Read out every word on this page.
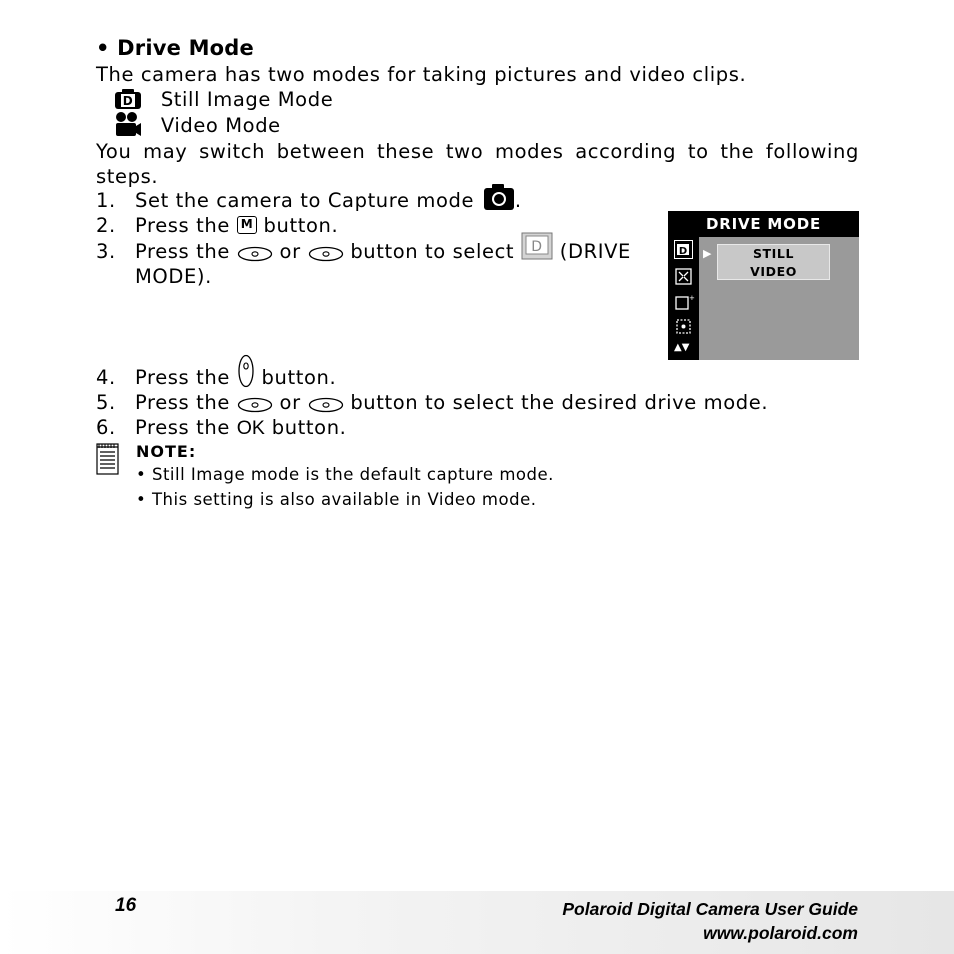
• Drive Mode
The camera has two modes for taking pictures and video clips.
D Still Image Mode
Video Mode
You may switch between these two modes according to the following steps.
1. Set the camera to Capture mode .
2. Press the M button.
3. Press the	or	button to select D (DRIVE
MODE).
DRIVE MODE
D
+
▲▼
▶	STILL
VIDEO
4. Press the button.
5. Press the	or	button to select the desired drive mode.
6. Press the OK button.
NOTE:
• Still Image mode is the default capture mode.
• This setting is also available in Video mode.
16	Polaroid Digital Camera User Guide
www.polaroid.com
